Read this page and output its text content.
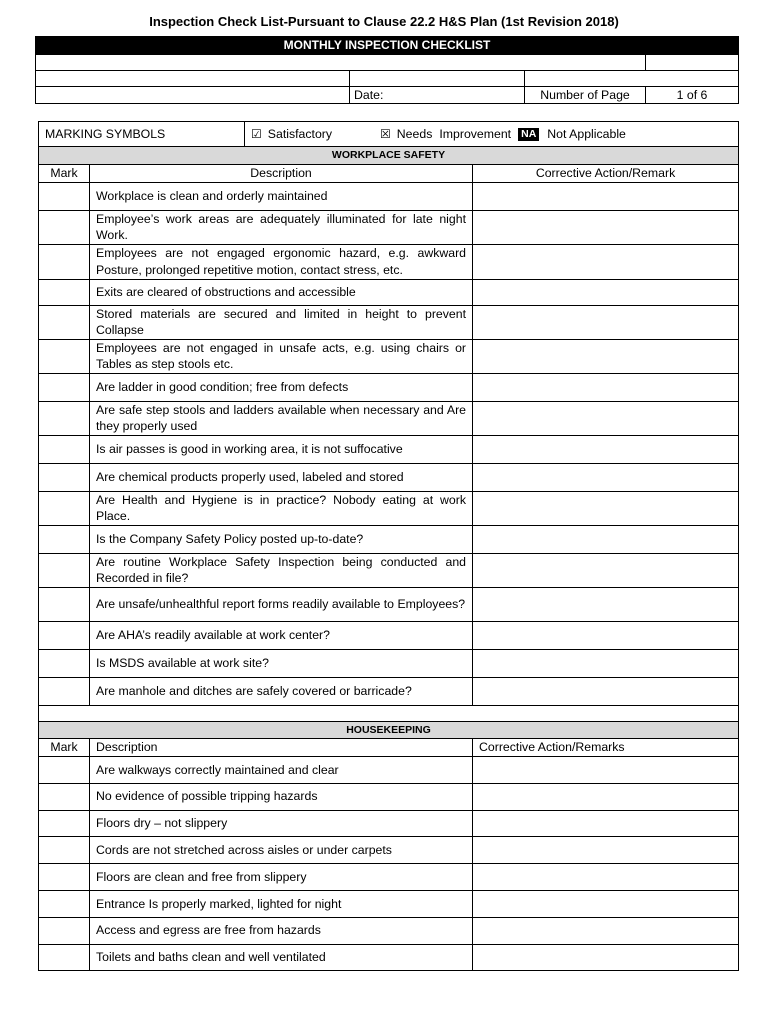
Inspection Check List-Pursuant to Clause 22.2 H&S Plan (1st Revision 2018)
MONTHLY INSPECTION CHECKLIST			

	Date:	Number of Page	1 of 6
MARKING SYMBOLS		☑ Satisfactory ☒ Needs Improvement NA Not Applicable	
WORKPLACE SAFETY			
Mark	Description		Corrective Action/Remark
	Workplace is clean and orderly maintained		
	Employee’s work areas are adequately illuminated for late night Work.		
	Employees are not engaged ergonomic hazard, e.g. awkward Posture, prolonged repetitive motion, contact stress, etc.		
	Exits are cleared of obstructions and accessible		
	Stored materials are secured and limited in height to prevent Collapse		
	Employees are not engaged in unsafe acts, e.g. using chairs or Tables as step stools etc.		
	Are ladder in good condition; free from defects		
	Are safe step stools and ladders available when necessary and Are they properly used		
	Is air passes is good in working area, it is not suffocative		
	Are chemical products properly used, labeled and stored		
	Are Health and Hygiene is in practice? Nobody eating at work Place.		
	Is the Company Safety Policy posted up-to-date?		
	Are routine Workplace Safety Inspection being conducted and Recorded in file?		
	Are unsafe/unhealthful report forms readily available to Employees?		
	Are AHA’s readily available at work center?		
	Is MSDS available at work site?		
	Are manhole and ditches are safely covered or barricade?		

HOUSEKEEPING			
Mark	Description		Corrective Action/Remarks
	Are walkways correctly maintained and clear		
	No evidence of possible tripping hazards		
	Floors dry – not slippery		
	Cords are not stretched across aisles or under carpets		
	Floors are clean and free from slippery		
	Entrance Is properly marked, lighted for night		
	Access and egress are free from hazards		
	Toilets and baths clean and well ventilated		
